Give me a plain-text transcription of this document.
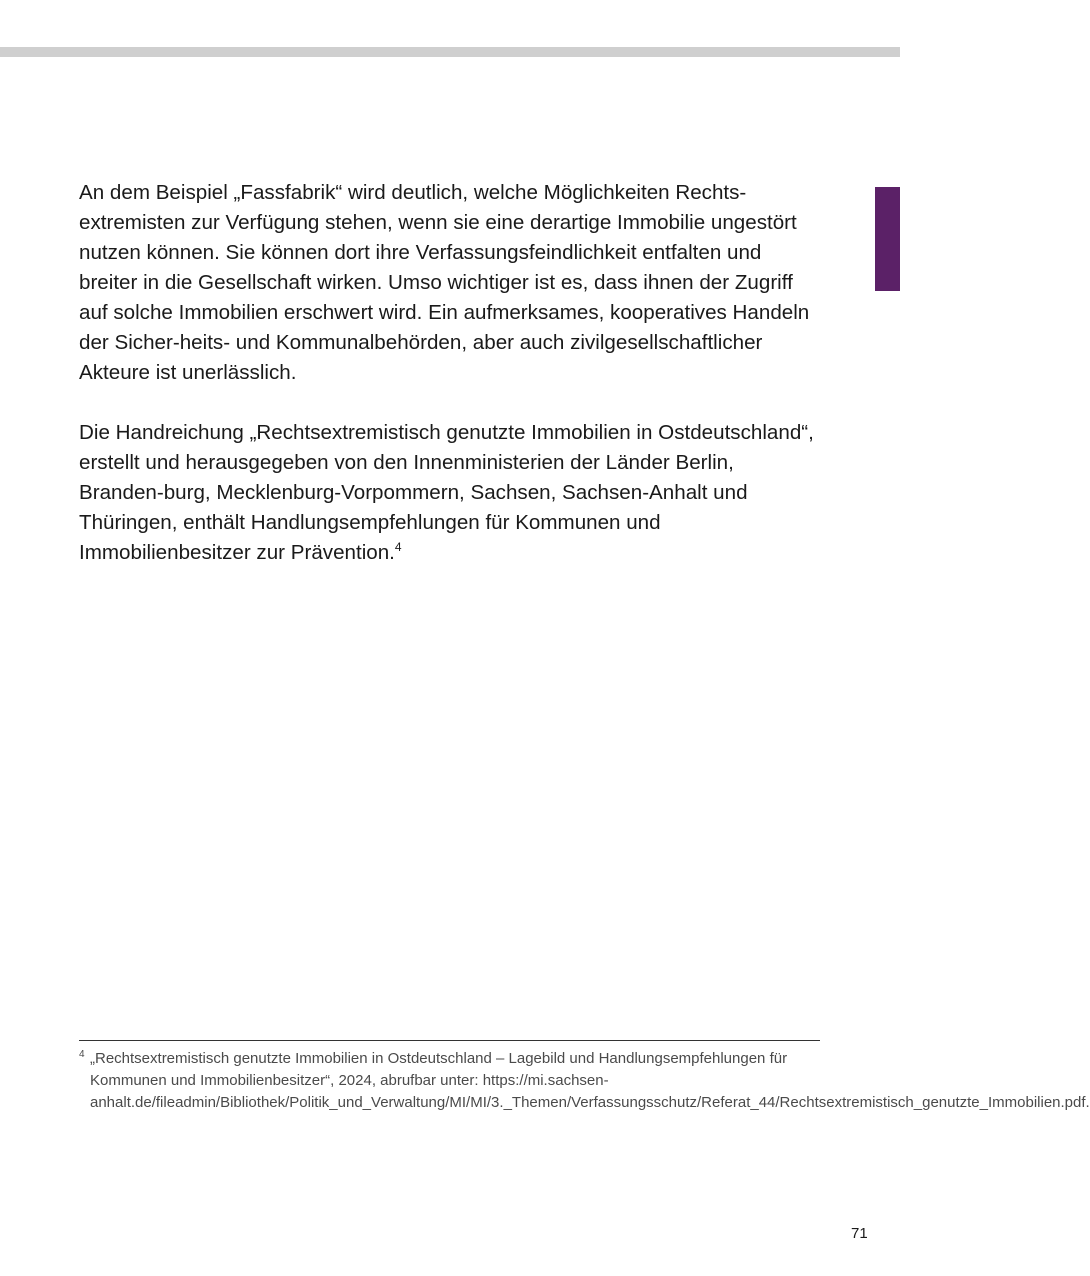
An dem Beispiel „Fassfabrik“ wird deutlich, welche Möglichkeiten Rechts-extremisten zur Verfügung stehen, wenn sie eine derartige Immobilie ungestört nutzen können. Sie können dort ihre Verfassungsfeindlichkeit entfalten und breiter in die Gesellschaft wirken. Umso wichtiger ist es, dass ihnen der Zugriff auf solche Immobilien erschwert wird. Ein aufmerksames, kooperatives Handeln der Sicher-heits- und Kommunalbehörden, aber auch zivilgesellschaftlicher Akteure ist unerlässlich.

Die Handreichung „Rechtsextremistisch genutzte Immobilien in Ostdeutschland“, erstellt und herausgegeben von den Innenministerien der Länder Berlin, Branden-burg, Mecklenburg-Vorpommern, Sachsen, Sachsen-Anhalt und Thüringen, enthält Handlungsempfehlungen für Kommunen und Immobilienbesitzer zur Prävention.$^4$

4 „Rechtsextremistisch genutzte Immobilien in Ostdeutschland – Lagebild und Handlungsempfehlungen für Kommunen und Immobilienbesitzer“, 2024, abrufbar unter: https://mi.sachsen-anhalt.de/fileadmin/Bibliothek/Politik_und_Verwaltung/MI/MI/3._Themen/Verfassungsschutz/Referat_44/Rechtsextremistisch_genutzte_Immobilien.pdf.

71
